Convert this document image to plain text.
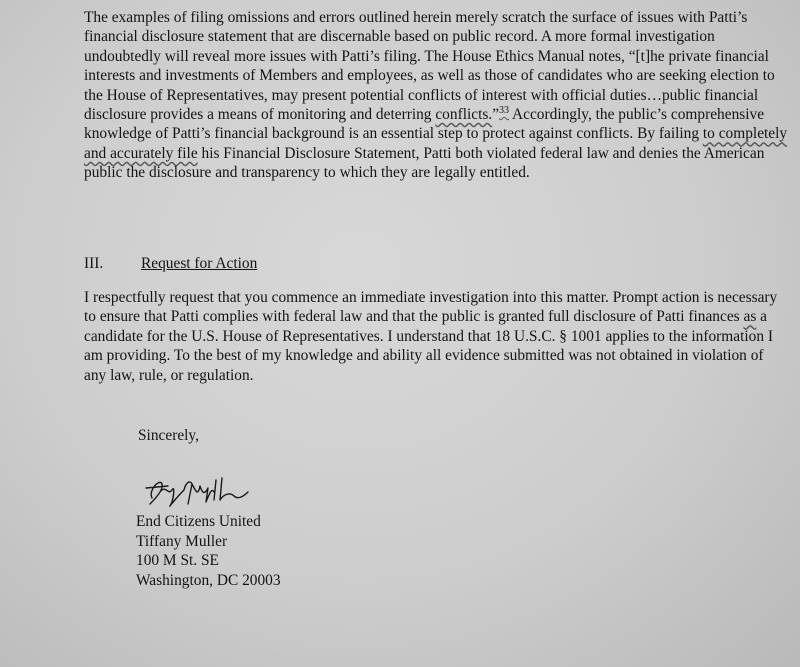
The examples of filing omissions and errors outlined herein merely scratch the surface of issues with Patti’s financial disclosure statement that are discernable based on public record. A more formal investigation undoubtedly will reveal more issues with Patti’s filing. The House Ethics Manual notes, “[t]he private financial interests and investments of Members and employees, as well as those of candidates who are seeking election to the House of Representatives, may present potential conflicts of interest with official duties…public financial disclosure provides a means of monitoring and deterring conflicts.”$^{33}$ Accordingly, the public’s comprehensive knowledge of Patti’s financial background is an essential step to protect against conflicts. By failing to completely and accurately file his Financial Disclosure Statement, Patti both violated federal law and denies the American public the disclosure and transparency to which they are legally entitled.

III. Request for Action

I respectfully request that you commence an immediate investigation into this matter. Prompt action is necessary to ensure that Patti complies with federal law and that the public is granted full disclosure of Patti finances as a candidate for the U.S. House of Representatives. I understand that 18 U.S.C. § 1001 applies to the information I am providing. To the best of my knowledge and ability all evidence submitted was not obtained in violation of any law, rule, or regulation.

Sincerely,
End Citizens United
Tiffany Muller
100 M St. SE
Washington, DC 20003
